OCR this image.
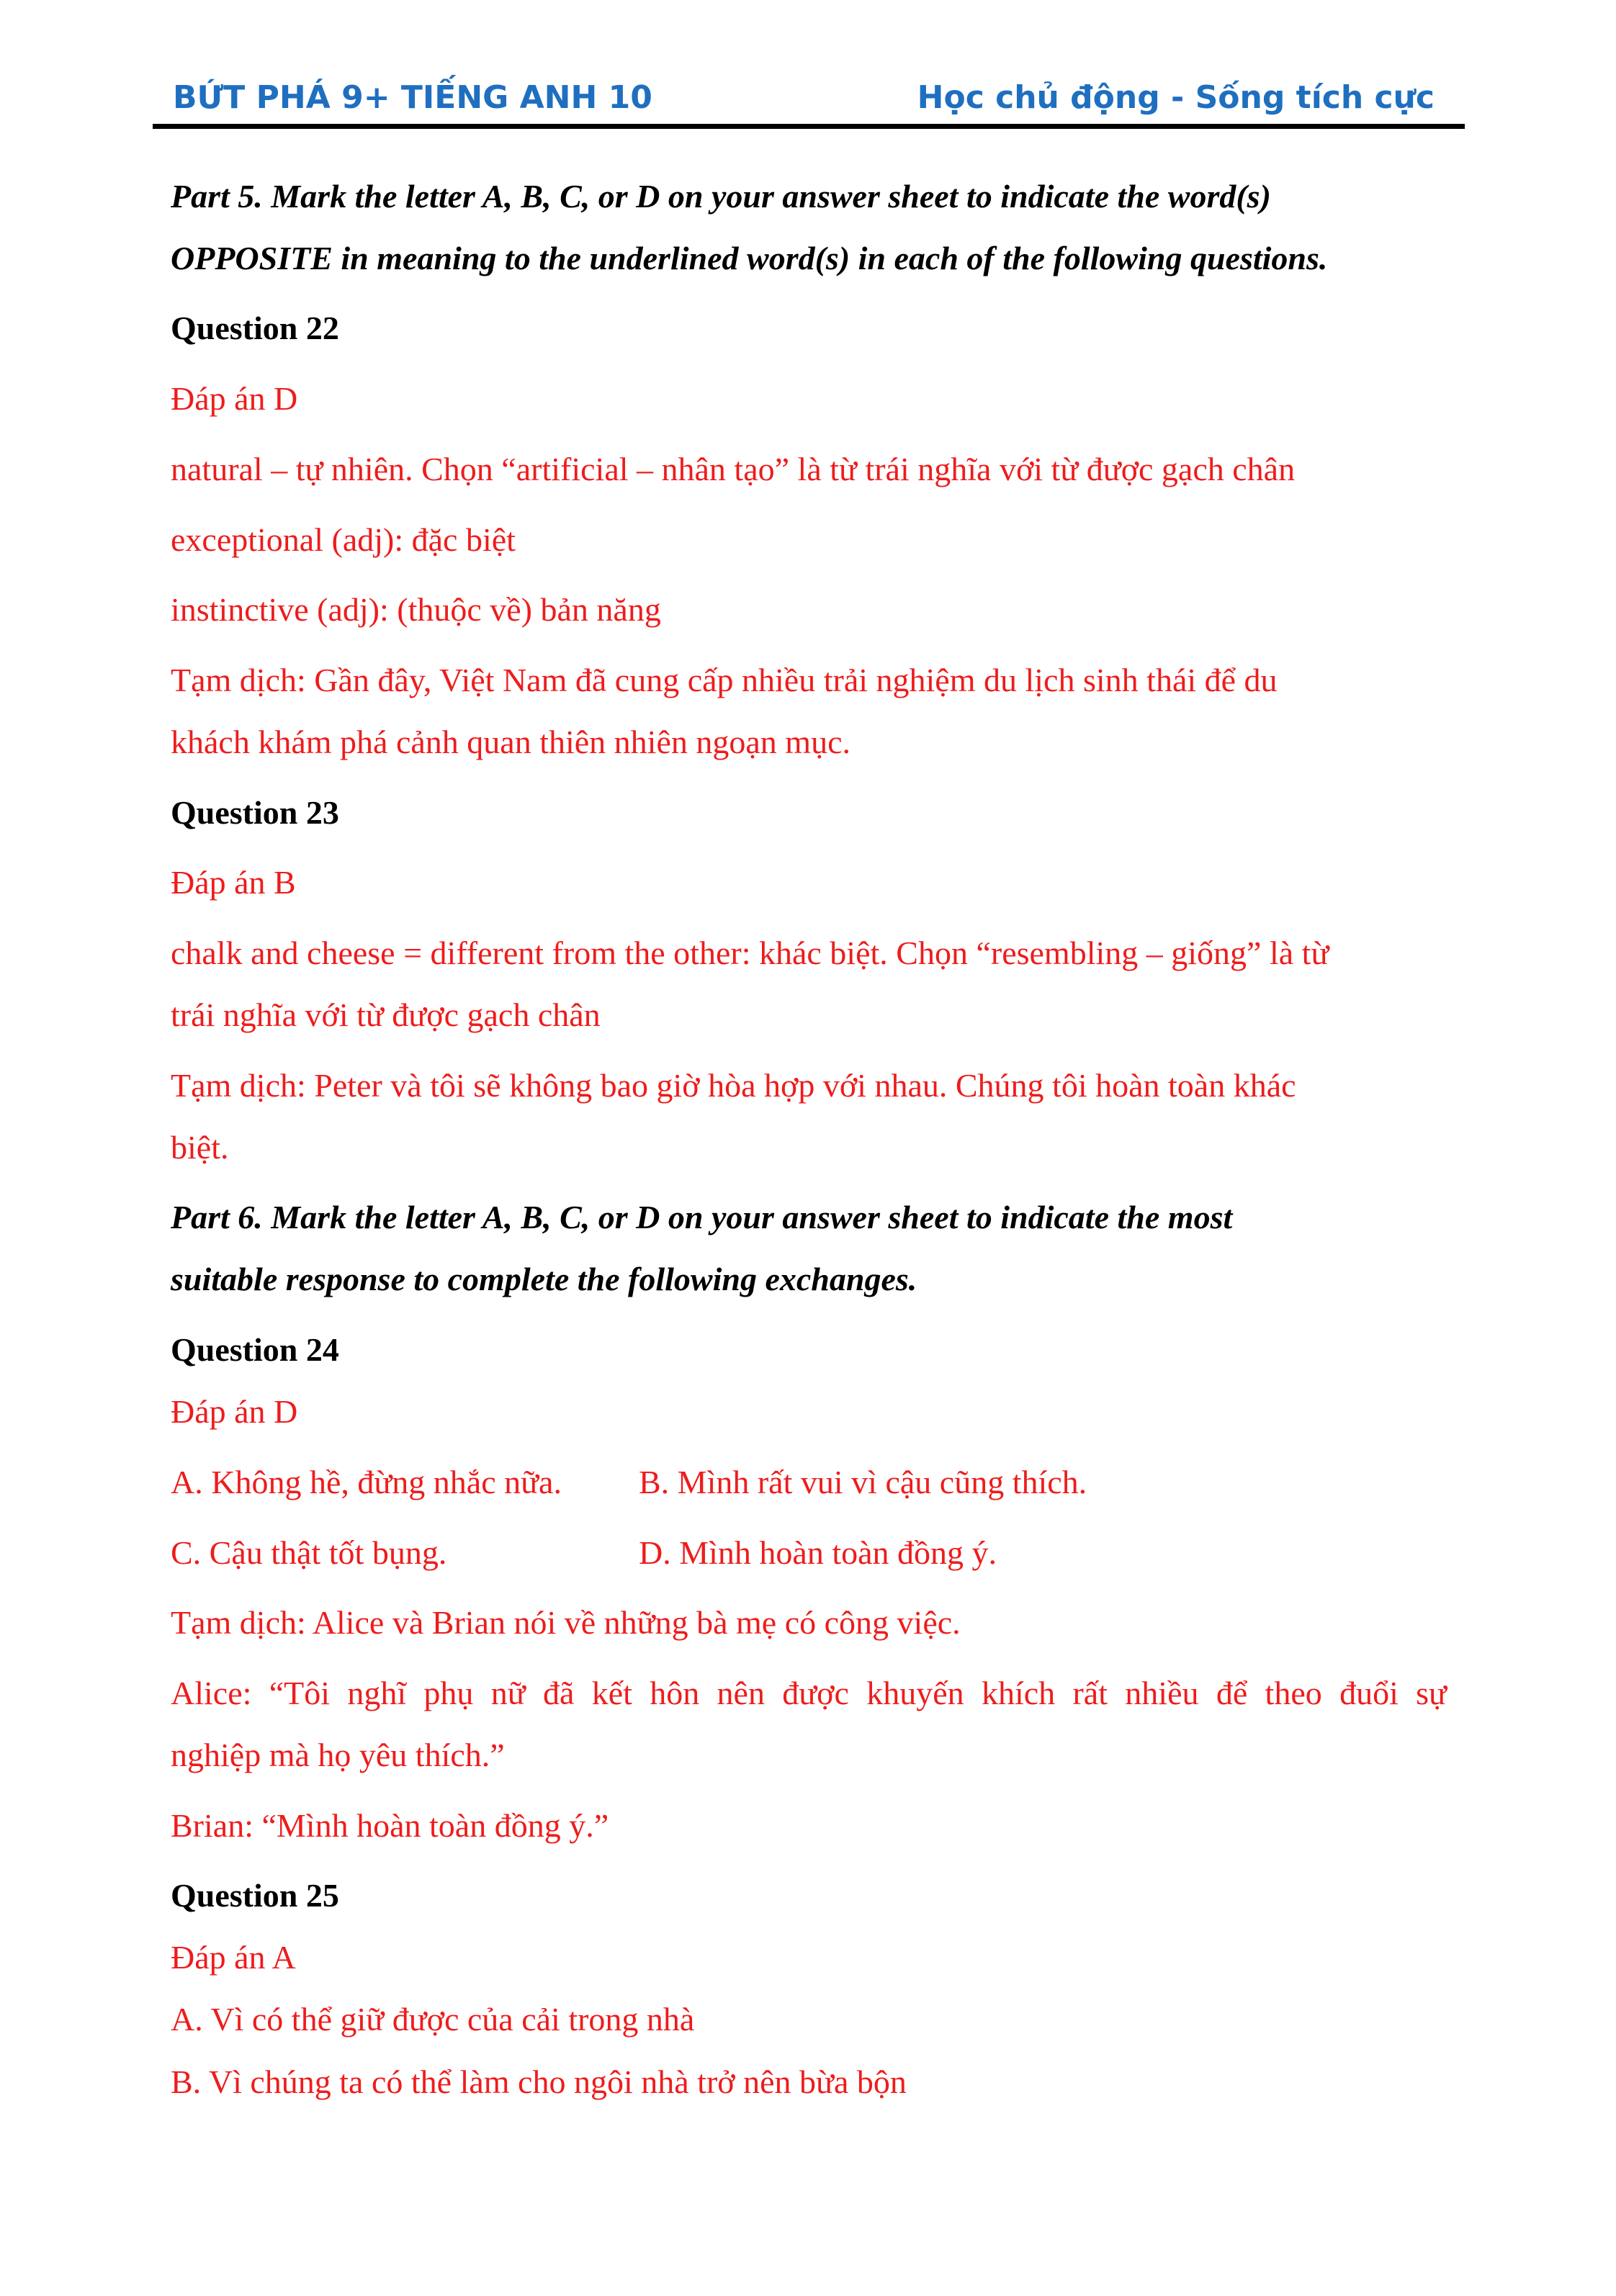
BỨT PHÁ 9+ TIẾNG ANH 10	Học chủ động - Sống tích cực
Part 5. Mark the letter A, B, C, or D on your answer sheet to indicate the word(s)
OPPOSITE in meaning to the underlined word(s) in each of the following questions.
Question 22
Đáp án D
natural – tự nhiên. Chọn “artificial – nhân tạo” là từ trái nghĩa với từ được gạch chân
exceptional (adj): đặc biệt
instinctive (adj): (thuộc về) bản năng
Tạm dịch: Gần đây, Việt Nam đã cung cấp nhiều trải nghiệm du lịch sinh thái để du
khách khám phá cảnh quan thiên nhiên ngoạn mục.
Question 23
Đáp án B
chalk and cheese = different from the other: khác biệt. Chọn “resembling – giống” là từ
trái nghĩa với từ được gạch chân
Tạm dịch: Peter và tôi sẽ không bao giờ hòa hợp với nhau. Chúng tôi hoàn toàn khác
biệt.
Part 6. Mark the letter A, B, C, or D on your answer sheet to indicate the most
suitable response to complete the following exchanges.
Question 24
Đáp án D
A. Không hề, đừng nhắc nữa. B. Mình rất vui vì cậu cũng thích.
C. Cậu thật tốt bụng.	D. Mình hoàn toàn đồng ý.
Tạm dịch: Alice và Brian nói về những bà mẹ có công việc.
Alice: “Tôi nghĩ phụ nữ đã kết hôn nên được khuyến khích rất nhiều để theo đuổi sự
nghiệp mà họ yêu thích.”
Brian: “Mình hoàn toàn đồng ý.”
Question 25
Đáp án A
A. Vì có thể giữ được của cải trong nhà
B. Vì chúng ta có thể làm cho ngôi nhà trở nên bừa bộn
